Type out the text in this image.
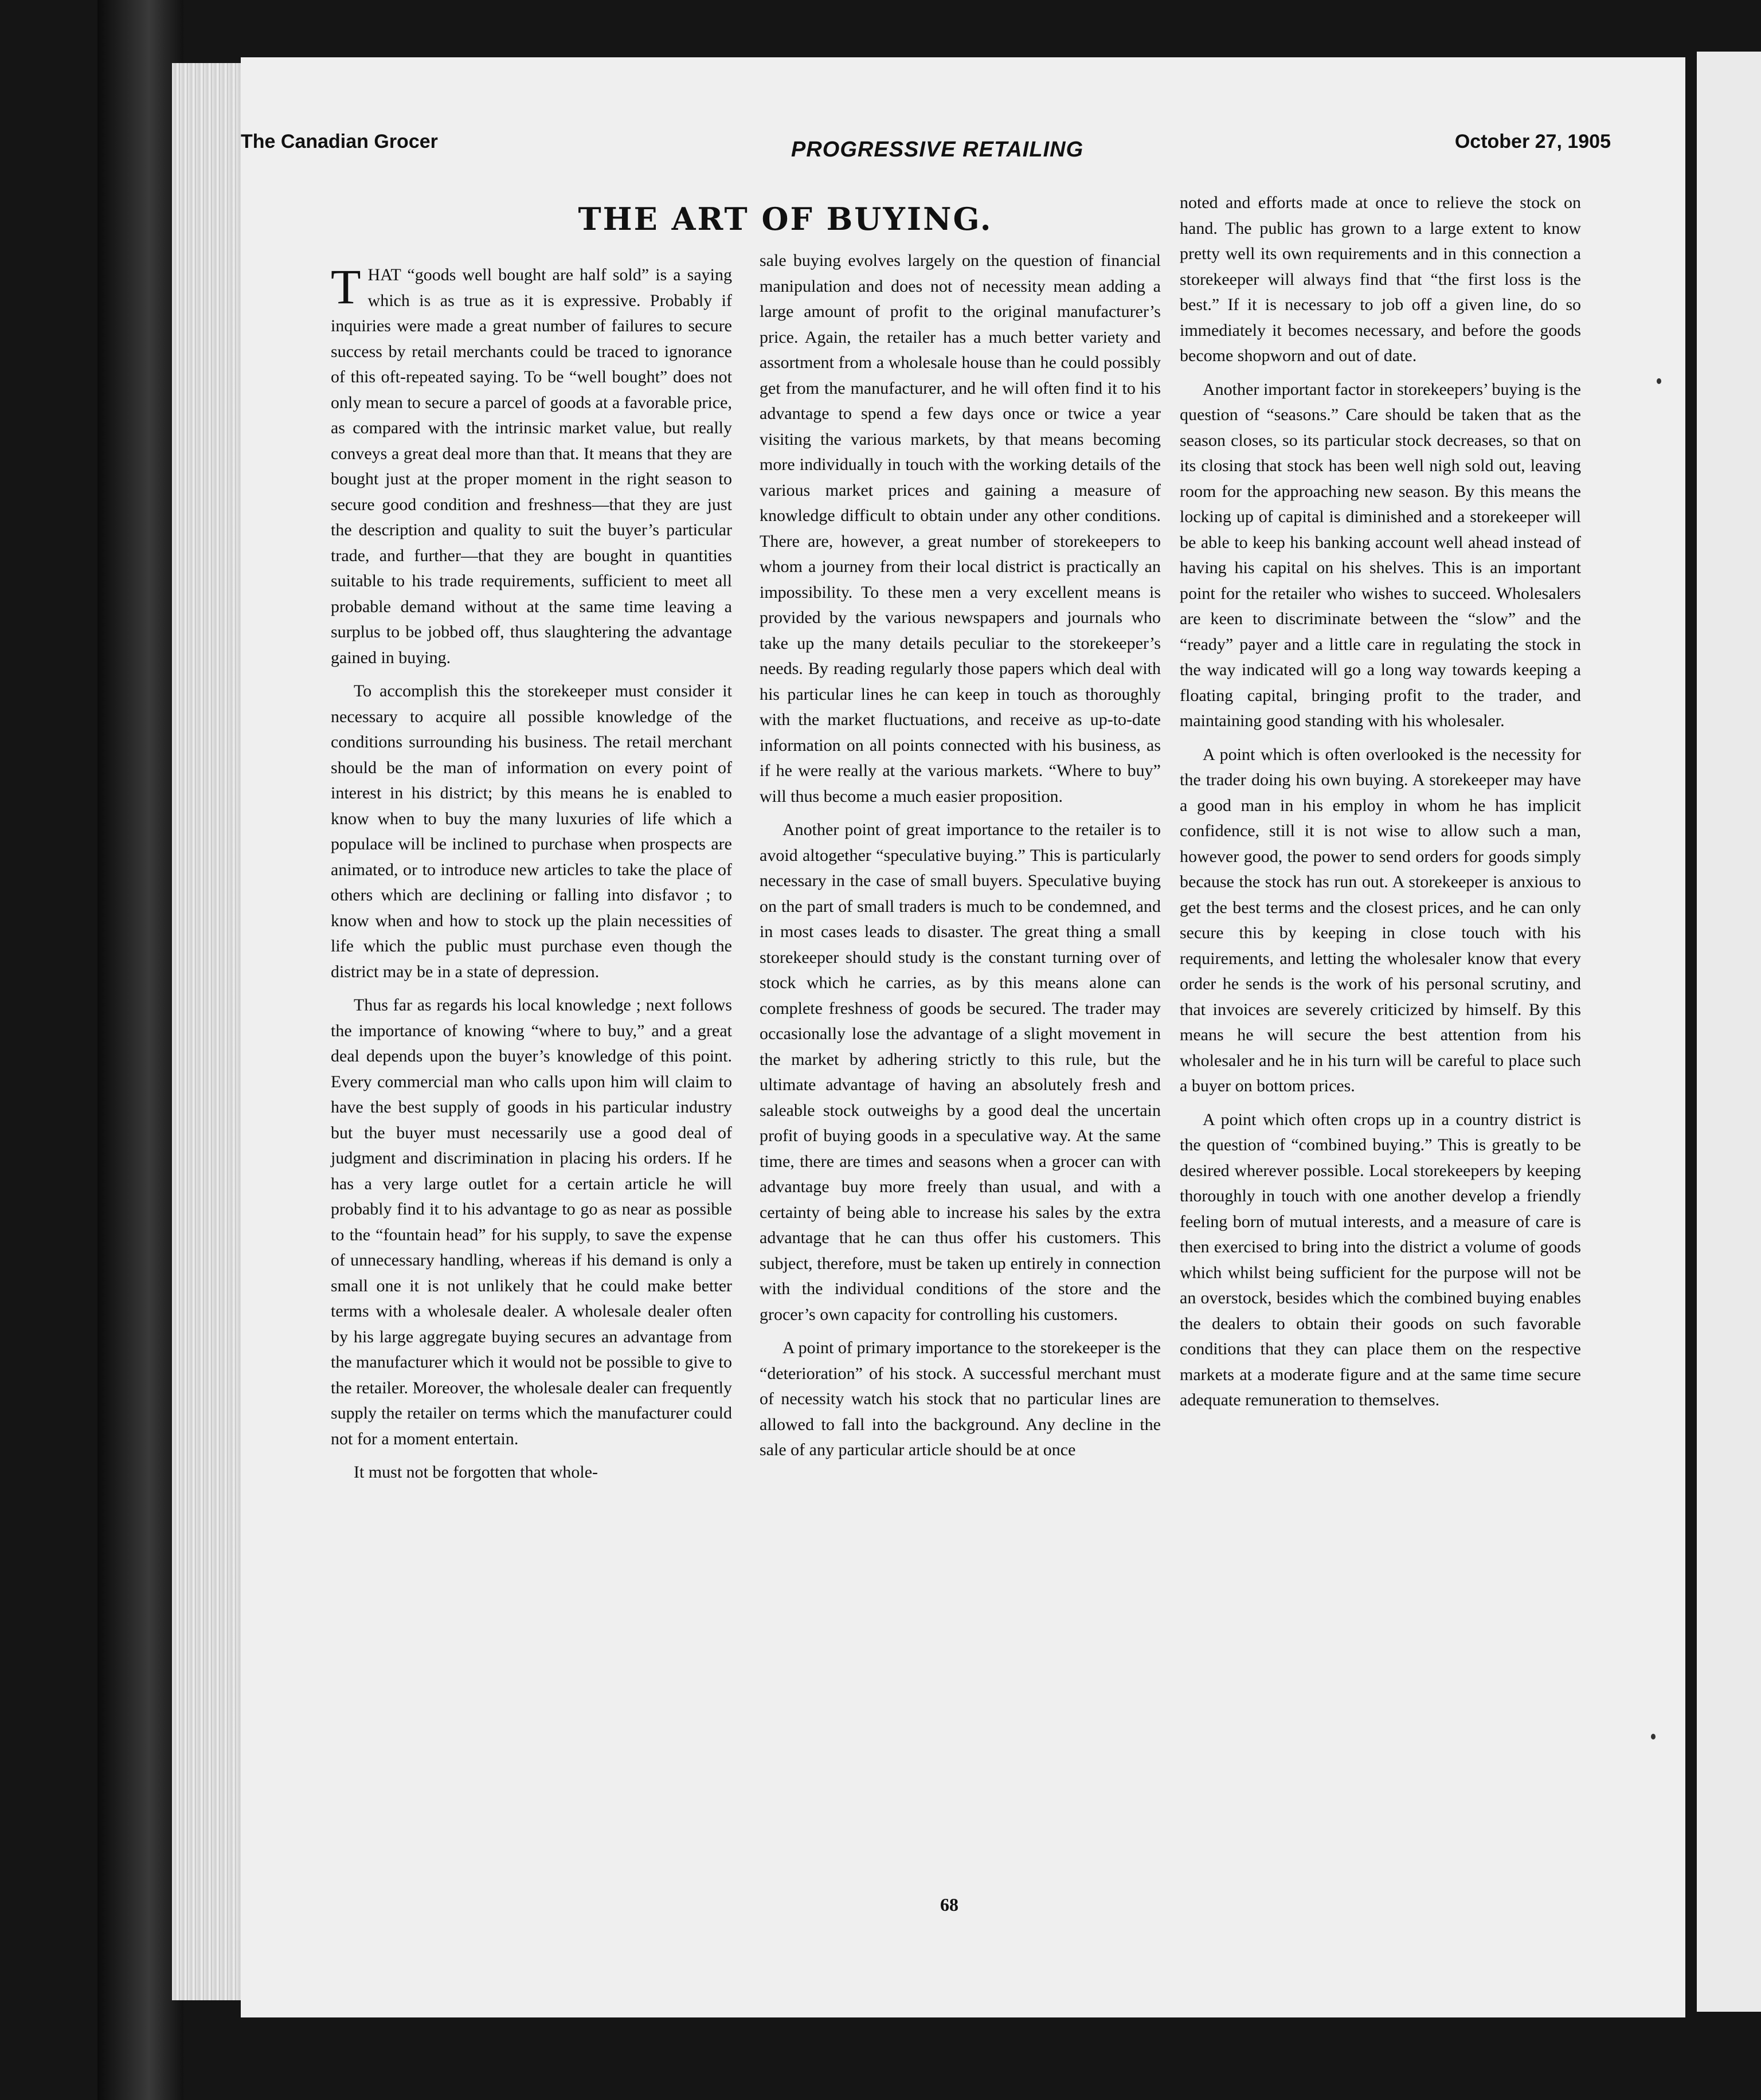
The Canadian Grocer	PROGRESSIVE RETAILING	October 27, 1905
THE ART OF BUYING.

THAT “goods well bought are half sold” is a saying which is as true as it is expressive. Probably if inquiries were made a great number of failures to secure success by retail merchants could be traced to ignorance of this oft-repeated saying. To be “well bought” does not only mean to secure a parcel of goods at a favorable price, as compared with the intrinsic market value, but really conveys a great deal more than that. It means that they are bought just at the proper moment in the right season to secure good condition and freshness—that they are just the description and quality to suit the buyer’s particular trade, and further—that they are bought in quantities suitable to his trade requirements, sufficient to meet all probable demand without at the same time leaving a surplus to be jobbed off, thus slaughtering the advantage gained in buying.

To accomplish this the storekeeper must consider it necessary to acquire all possible knowledge of the conditions surrounding his business. The retail merchant should be the man of information on every point of interest in his district; by this means he is enabled to know when to buy the many luxuries of life which a populace will be inclined to purchase when prospects are animated, or to introduce new articles to take the place of others which are declining or falling into disfavor ; to know when and how to stock up the plain necessities of life which the public must purchase even though the district may be in a state of depression.

Thus far as regards his local knowledge ; next follows the importance of knowing “where to buy,” and a great deal depends upon the buyer’s knowledge of this point. Every commercial man who calls upon him will claim to have the best supply of goods in his particular industry but the buyer must necessarily use a good deal of judgment and discrimination in placing his orders. If he has a very large outlet for a certain article he will probably find it to his advantage to go as near as possible to the “fountain head” for his supply, to save the expense of unnecessary handling, whereas if his demand is only a small one it is not unlikely that he could make better terms with a wholesale dealer. A wholesale dealer often by his large aggregate buying secures an advantage from the manufacturer which it would not be possible to give to the retailer. Moreover, the wholesale dealer can frequently supply the retailer on terms which the manufacturer could not for a moment entertain.

It must not be forgotten that whole-

sale buying evolves largely on the question of financial manipulation and does not of necessity mean adding a large amount of profit to the original manufacturer’s price. Again, the retailer has a much better variety and assortment from a wholesale house than he could possibly get from the manufacturer, and he will often find it to his advantage to spend a few days once or twice a year visiting the various markets, by that means becoming more individually in touch with the working details of the various market prices and gaining a measure of knowledge difficult to obtain under any other conditions. There are, however, a great number of storekeepers to whom a journey from their local district is practically an impossibility. To these men a very excellent means is provided by the various newspapers and journals who take up the many details peculiar to the storekeeper’s needs. By reading regularly those papers which deal with his particular lines he can keep in touch as thoroughly with the market fluctuations, and receive as up-to-date information on all points connected with his business, as if he were really at the various markets. “Where to buy” will thus become a much easier proposition.

Another point of great importance to the retailer is to avoid altogether “speculative buying.” This is particularly necessary in the case of small buyers. Speculative buying on the part of small traders is much to be condemned, and in most cases leads to disaster. The great thing a small storekeeper should study is the constant turning over of stock which he carries, as by this means alone can complete freshness of goods be secured. The trader may occasionally lose the advantage of a slight movement in the market by adhering strictly to this rule, but the ultimate advantage of having an absolutely fresh and saleable stock outweighs by a good deal the uncertain profit of buying goods in a speculative way. At the same time, there are times and seasons when a grocer can with advantage buy more freely than usual, and with a certainty of being able to increase his sales by the extra advantage that he can thus offer his customers. This subject, therefore, must be taken up entirely in connection with the individual conditions of the store and the grocer’s own capacity for controlling his customers.

A point of primary importance to the storekeeper is the “deterioration” of his stock. A successful merchant must of necessity watch his stock that no particular lines are allowed to fall into the background. Any decline in the sale of any particular article should be at once

noted and efforts made at once to relieve the stock on hand. The public has grown to a large extent to know pretty well its own requirements and in this connection a storekeeper will always find that “the first loss is the best.” If it is necessary to job off a given line, do so immediately it becomes necessary, and before the goods become shopworn and out of date.

Another important factor in storekeepers’ buying is the question of “seasons.” Care should be taken that as the season closes, so its particular stock decreases, so that on its closing that stock has been well nigh sold out, leaving room for the approaching new season. By this means the locking up of capital is diminished and a storekeeper will be able to keep his banking account well ahead instead of having his capital on his shelves. This is an important point for the retailer who wishes to succeed. Wholesalers are keen to discriminate between the “slow” and the “ready” payer and a little care in regulating the stock in the way indicated will go a long way towards keeping a floating capital, bringing profit to the trader, and maintaining good standing with his wholesaler.

A point which is often overlooked is the necessity for the trader doing his own buying. A storekeeper may have a good man in his employ in whom he has implicit confidence, still it is not wise to allow such a man, however good, the power to send orders for goods simply because the stock has run out. A storekeeper is anxious to get the best terms and the closest prices, and he can only secure this by keeping in close touch with his requirements, and letting the wholesaler know that every order he sends is the work of his personal scrutiny, and that invoices are severely criticized by himself. By this means he will secure the best attention from his wholesaler and he in his turn will be careful to place such a buyer on bottom prices.

A point which often crops up in a country district is the question of “combined buying.” This is greatly to be desired wherever possible. Local storekeepers by keeping thoroughly in touch with one another develop a friendly feeling born of mutual interests, and a measure of care is then exercised to bring into the district a volume of goods which whilst being sufficient for the purpose will not be an overstock, besides which the combined buying enables the dealers to obtain their goods on such favorable conditions that they can place them on the respective markets at a moderate figure and at the same time secure adequate remuneration to themselves.

68
